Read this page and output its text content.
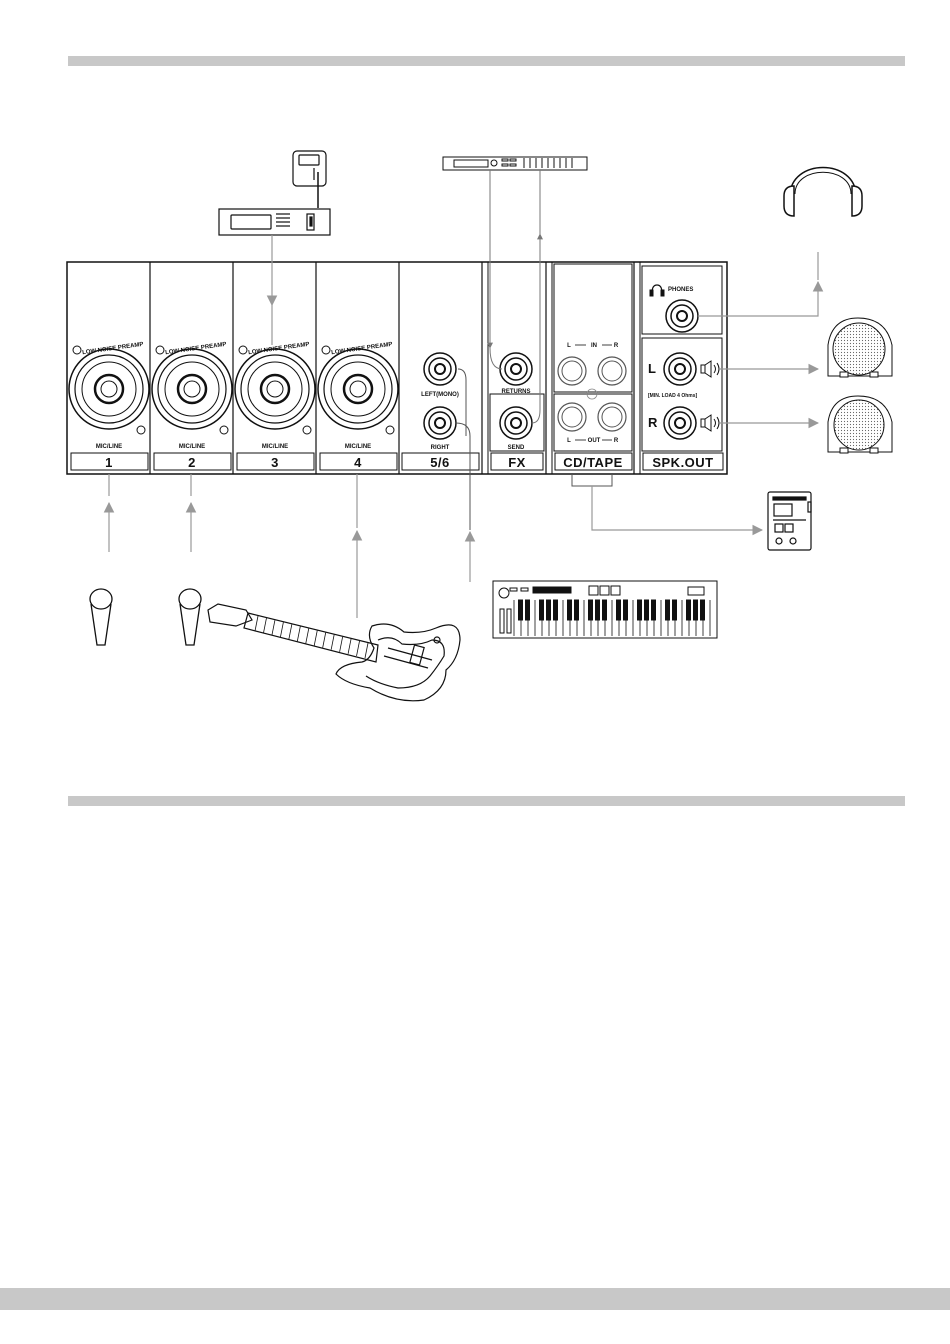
LOW NOISE PREAMP	LOW NOISE PREAMP	LOW NOISE PREAMP	LOW NOISE PREAMP
MIC/LINE	MIC/LINE	MIC/LINE	MIC/LINE
1	2	3	4	5/6	FX	CD/TAPE SPK.OUT
LEFT(MONO)
RIGHT
RETURNS
SEND
L	IN	R
L	OUT R
PHONES
L
R
[MIN. LOAD 4 Ohms]
